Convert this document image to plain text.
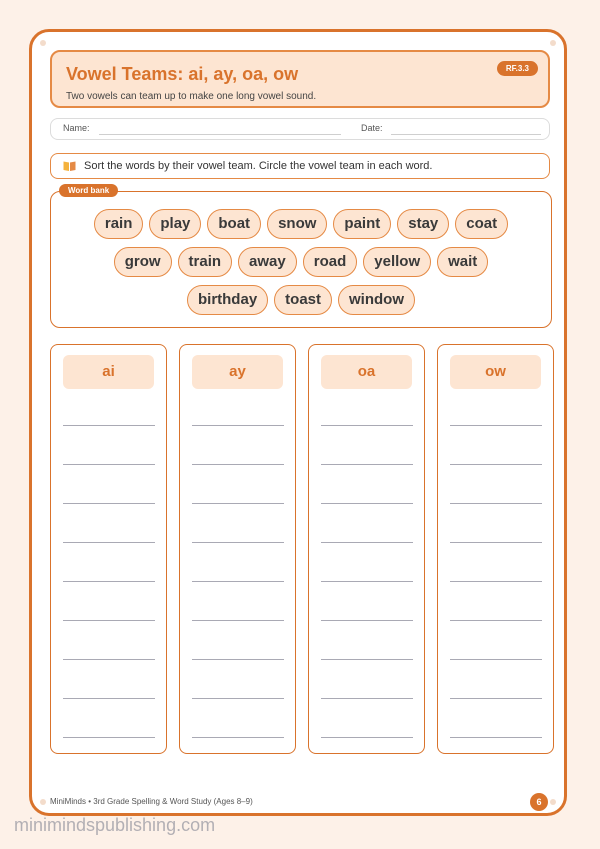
Vowel Teams: ai, ay, oa, ow
Two vowels can team up to make one long vowel sound.
RF.3.3
Name:	Date:
Sort the words by their vowel team. Circle the vowel team in each word.
Word bank
rain	play	boat	snow	paint	stay	coat
grow	train	away	road	yellow	wait
birthday	toast	window
ai	ay	oa	ow
MiniMinds • 3rd Grade Spelling & Word Study (Ages 8–9)	6
minimindspublishing.com
